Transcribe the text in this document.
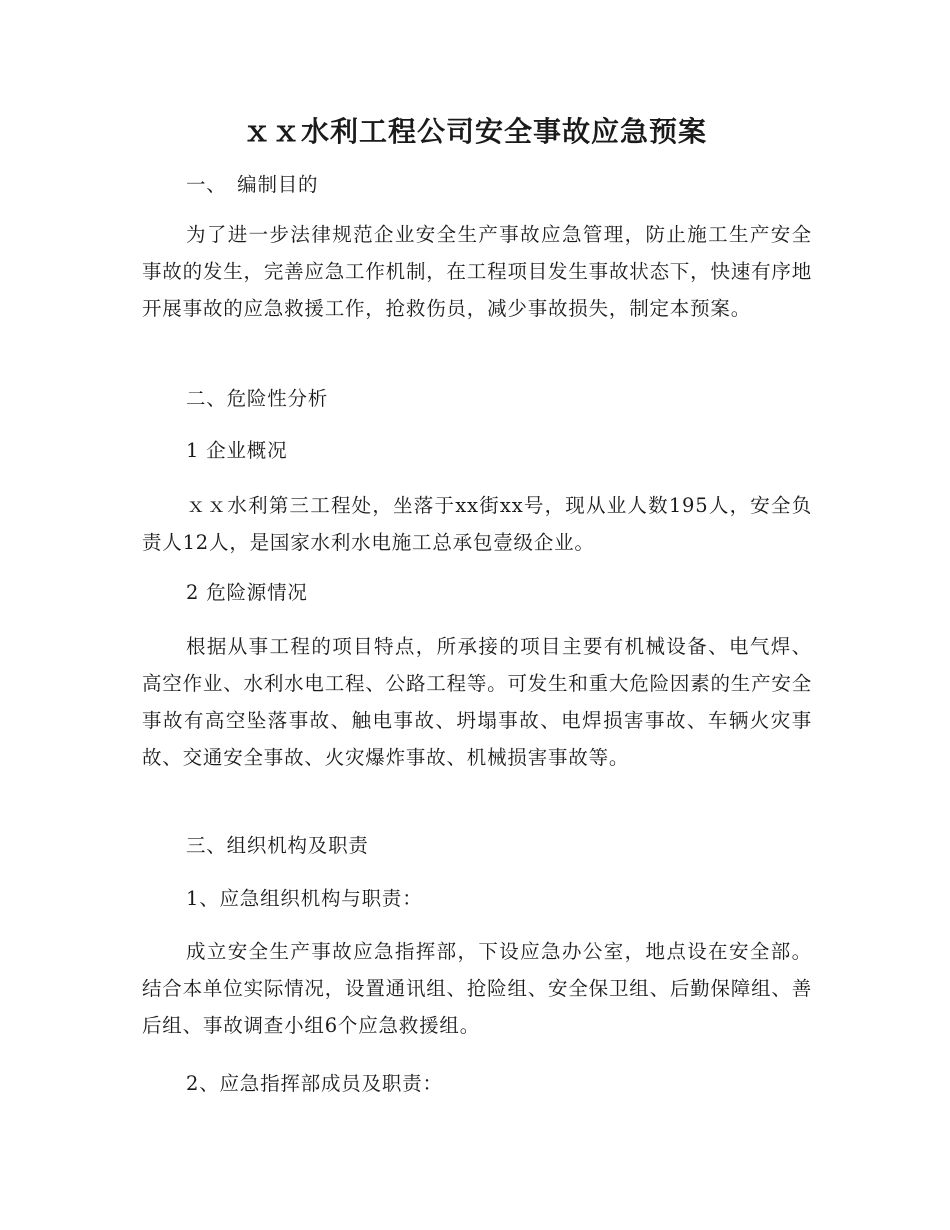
ｘｘ水利工程公司安全事故应急预案
一、　编制目的
为了进一步法律规范企业安全生产事故应急管理，防止施工生产安全事故的发生，完善应急工作机制，在工程项目发生事故状态下，快速有序地开展事故的应急救援工作，抢救伤员，减少事故损失，制定本预案。
二、危险性分析
1 企业概况
ｘｘ水利第三工程处，坐落于xx街xx号，现从业人数195人，安全负责人12人，是国家水利水电施工总承包壹级企业。
2 危险源情况
根据从事工程的项目特点，所承接的项目主要有机械设备、电气焊、高空作业、水利水电工程、公路工程等。可发生和重大危险因素的生产安全事故有高空坠落事故、触电事故、坍塌事故、电焊损害事故、车辆火灾事故、交通安全事故、火灾爆炸事故、机械损害事故等。
三、组织机构及职责
1、应急组织机构与职责：
成立安全生产事故应急指挥部，下设应急办公室，地点设在安全部。结合本单位实际情况，设置通讯组、抢险组、安全保卫组、后勤保障组、善后组、事故调查小组6个应急救援组。
2、应急指挥部成员及职责：
